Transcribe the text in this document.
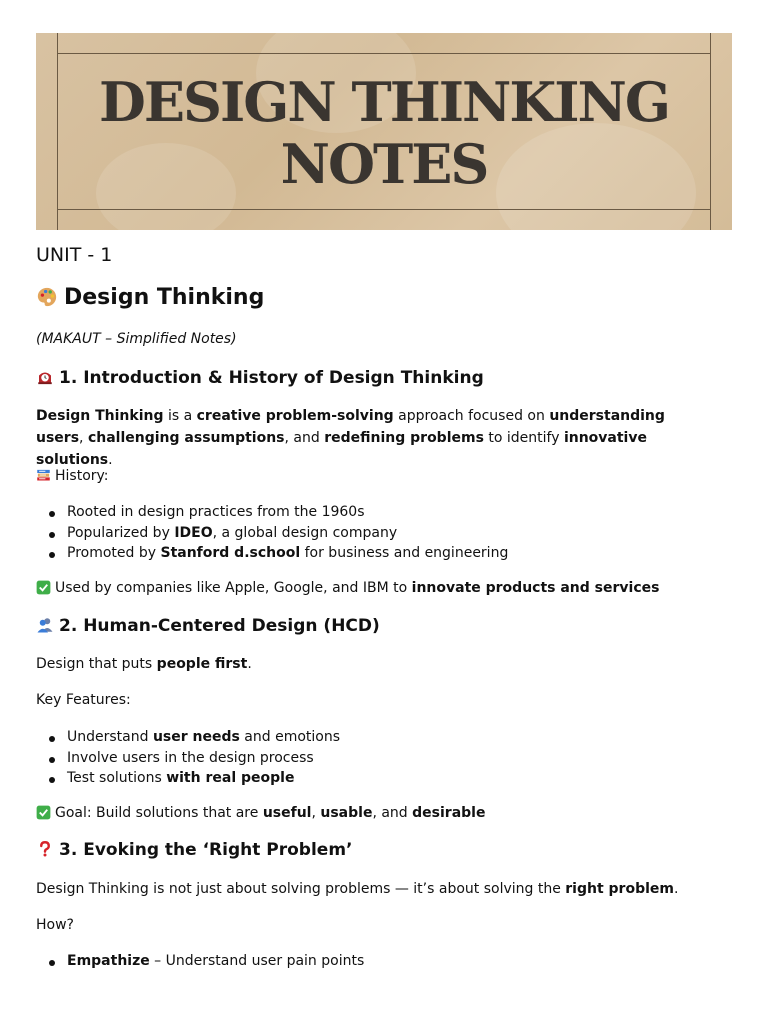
DESIGN THINKING
NOTES
UNIT - 1
Design Thinking
(MAKAUT – Simplified Notes)
1. Introduction & History of Design Thinking
Design Thinking is a creative problem-solving approach focused on understanding users, challenging assumptions, and redefining problems to identify innovative solutions.
History:
Rooted in design practices from the 1960s
Popularized by IDEO, a global design company
Promoted by Stanford d.school for business and engineering
Used by companies like Apple, Google, and IBM to innovate products and services
2. Human-Centered Design (HCD)
Design that puts people first.
Key Features:
Understand user needs and emotions
Involve users in the design process
Test solutions with real people
Goal: Build solutions that are useful, usable, and desirable
3. Evoking the ‘Right Problem’
Design Thinking is not just about solving problems — it’s about solving the right problem.
How?
Empathize – Understand user pain points
